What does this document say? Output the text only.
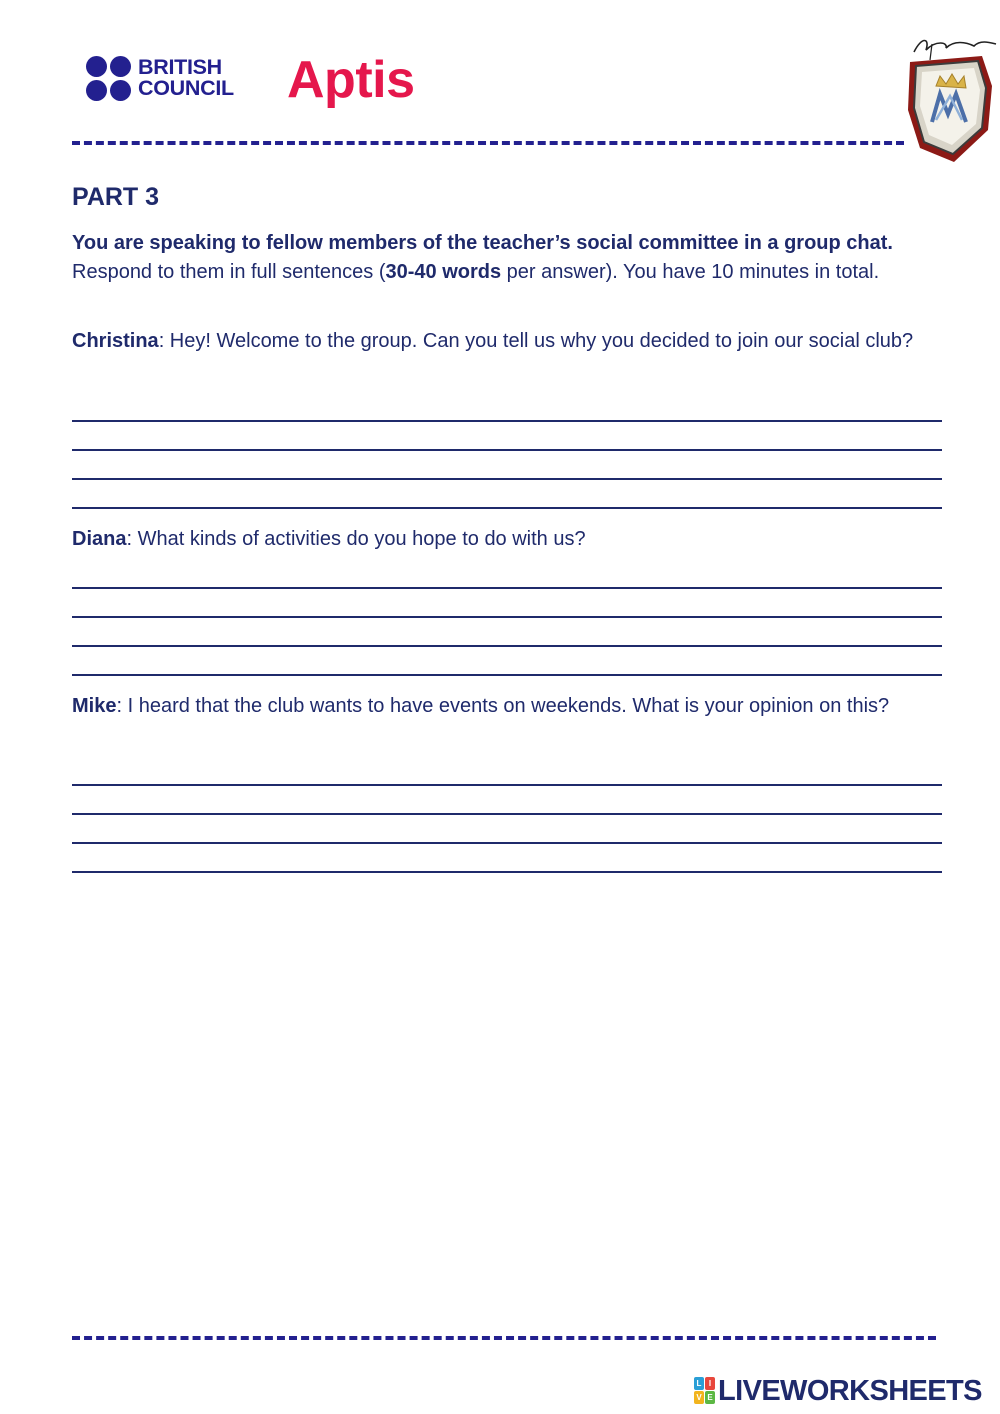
BRITISH
COUNCIL Aptis
PART 3
You are speaking to fellow members of the teacher’s social committee in a group chat. Respond to them in full sentences (30-40 words per answer). You have 10 minutes in total.
Christina: Hey! Welcome to the group. Can you tell us why you decided to join our social club?
Diana: What kinds of activities do you hope to do with us?
Mike: I heard that the club wants to have events on weekends. What is your opinion on this?
L I
V E LIVEWORKSHEETS
